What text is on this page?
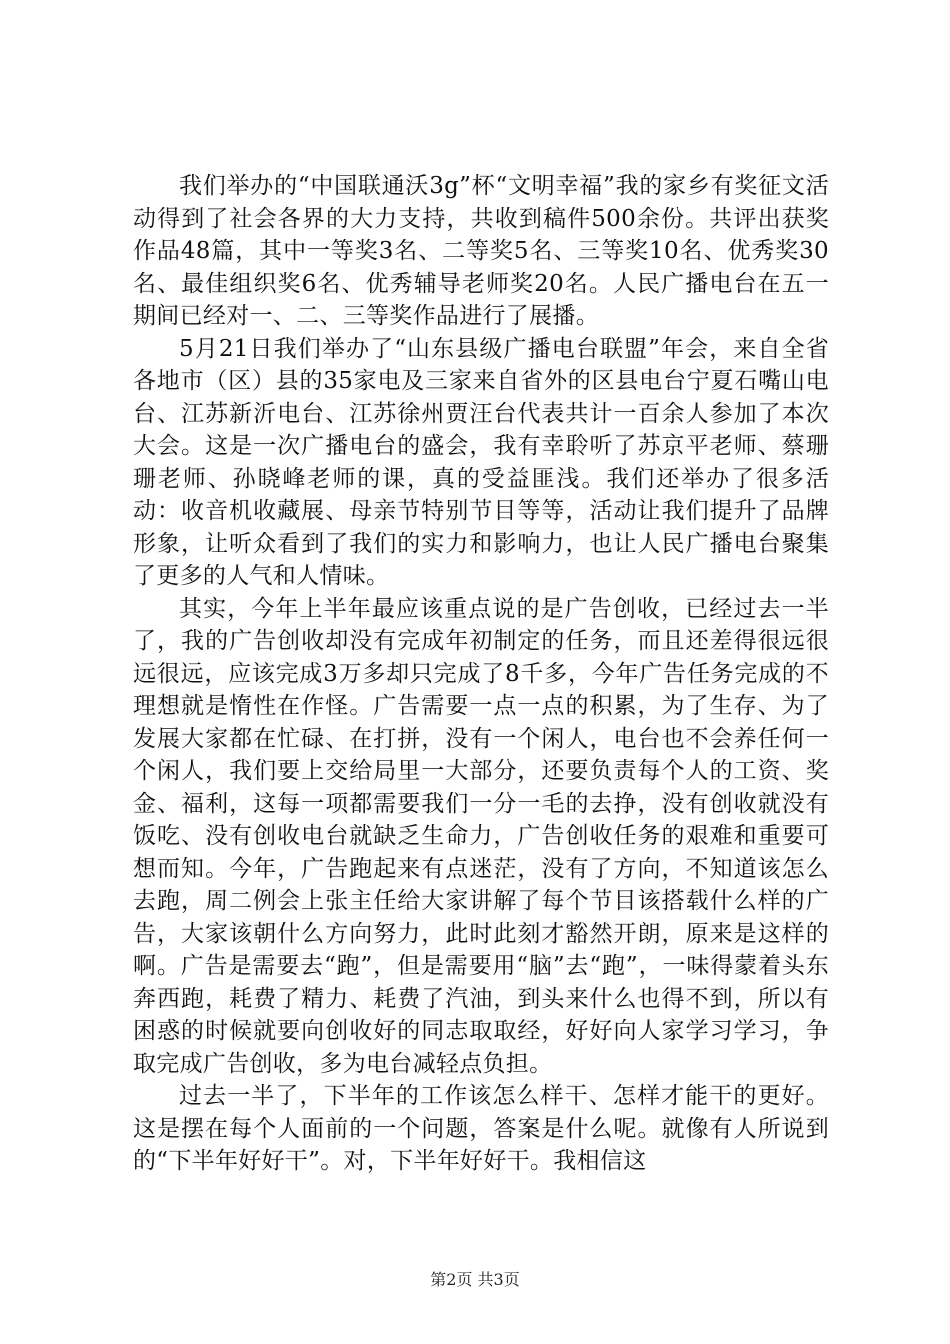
我们举办的“中国联通沃3g”杯“文明幸福”我的家乡有奖征文活动得到了社会各界的大力支持，共收到稿件500余份。共评出获奖作品48篇，其中一等奖3名、二等奖5名、三等奖10名、优秀奖30名、最佳组织奖6名、优秀辅导老师奖20名。人民广播电台在五一期间已经对一、二、三等奖作品进行了展播。

5月21日我们举办了“山东县级广播电台联盟”年会，来自全省各地市（区）县的35家电及三家来自省外的区县电台宁夏石嘴山电台、江苏新沂电台、江苏徐州贾汪台代表共计一百余人参加了本次大会。这是一次广播电台的盛会，我有幸聆听了苏京平老师、蔡珊珊老师、孙晓峰老师的课，真的受益匪浅。我们还举办了很多活动：收音机收藏展、母亲节特别节目等等，活动让我们提升了品牌形象，让听众看到了我们的实力和影响力，也让人民广播电台聚集了更多的人气和人情味。

其实，今年上半年最应该重点说的是广告创收，已经过去一半了，我的广告创收却没有完成年初制定的任务，而且还差得很远很远很远，应该完成3万多却只完成了8千多，今年广告任务完成的不理想就是惰性在作怪。广告需要一点一点的积累，为了生存、为了发展大家都在忙碌、在打拼，没有一个闲人，电台也不会养任何一个闲人，我们要上交给局里一大部分，还要负责每个人的工资、奖金、福利，这每一项都需要我们一分一毛的去挣，没有创收就没有饭吃、没有创收电台就缺乏生命力，广告创收任务的艰难和重要可想而知。今年，广告跑起来有点迷茫，没有了方向，不知道该怎么去跑，周二例会上张主任给大家讲解了每个节目该搭载什么样的广告，大家该朝什么方向努力，此时此刻才豁然开朗，原来是这样的啊。广告是需要去“跑”，但是需要用“脑”去“跑”，一味得蒙着头东奔西跑，耗费了精力、耗费了汽油，到头来什么也得不到，所以有困惑的时候就要向创收好的同志取取经，好好向人家学习学习，争取完成广告创收，多为电台减轻点负担。

过去一半了，下半年的工作该怎么样干、怎样才能干的更好。这是摆在每个人面前的一个问题，答案是什么呢。就像有人所说到的“下半年好好干”。对，下半年好好干。我相信这

第2页 共3页
